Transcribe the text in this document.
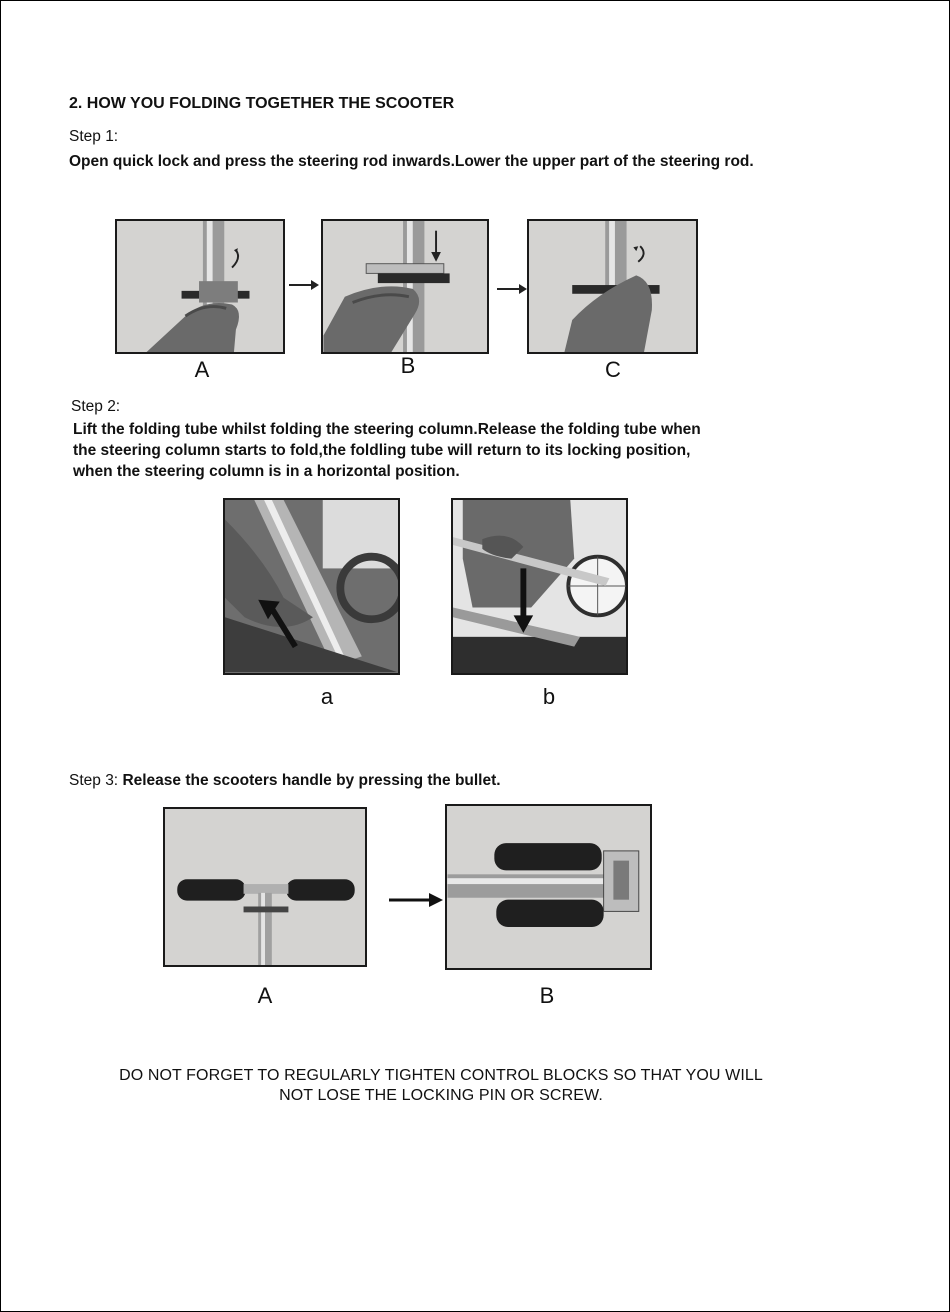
2. HOW YOU FOLDING TOGETHER THE SCOOTER
Step 1:
Open quick lock and press the steering rod inwards.Lower the upper part of the steering rod.
A	B	C
Step 2:
Lift the folding tube whilst folding the steering column.Release the folding tube when
the steering column starts to fold,the foldling tube will return to its locking position,
when the steering column is in a horizontal position.
a	b
Step 3: Release the scooters handle by pressing the bullet.
A	B
DO NOT FORGET TO REGULARLY TIGHTEN CONTROL BLOCKS SO THAT YOU WILL
NOT LOSE THE LOCKING PIN OR SCREW.
